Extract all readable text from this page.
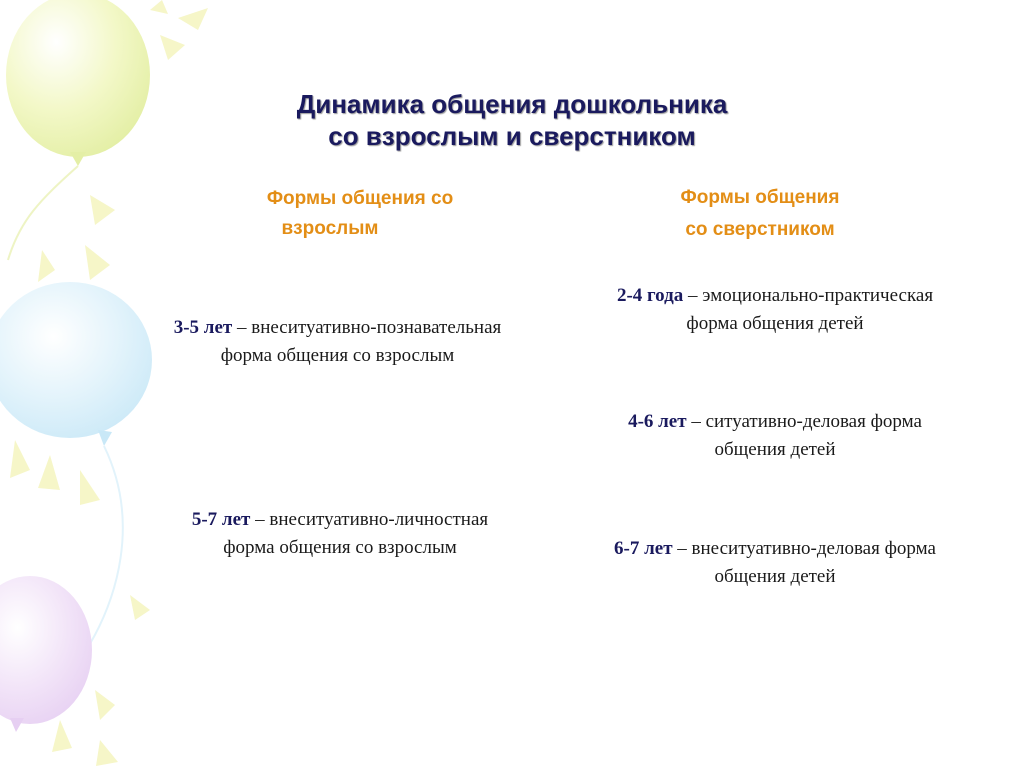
Динамика общения дошкольника
со взрослым и сверстником
Формы общения со
взрослым
Формы общения
со сверстником
3-5 лет – внеситуативно-познавательная
форма общения со взрослым
5-7 лет – внеситуативно-личностная
форма общения со взрослым
2-4 года – эмоционально-практическая
форма общения детей
4-6 лет – ситуативно-деловая форма
общения детей
6-7 лет – внеситуативно-деловая форма
общения детей
